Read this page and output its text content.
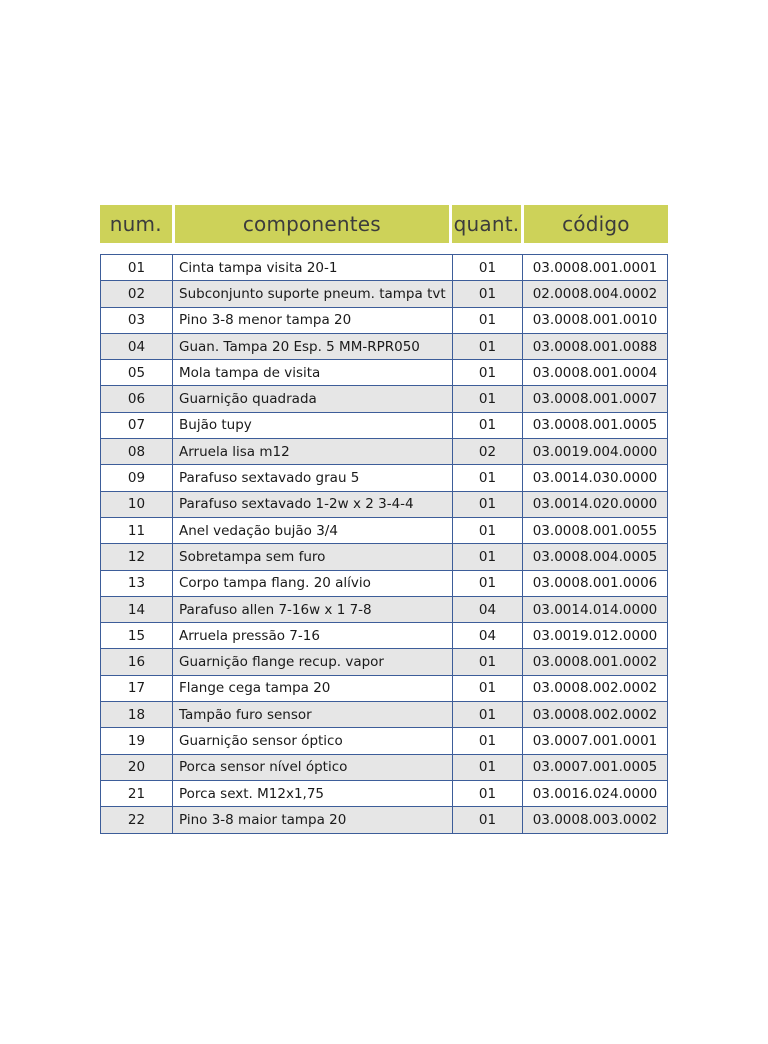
num.	componentes	quant.	código
01	Cinta tampa visita 20-1	01	03.0008.001.0001
02	Subconjunto suporte pneum. tampa tvt	01	02.0008.004.0002
03	Pino 3-8 menor tampa 20	01	03.0008.001.0010
04	Guan. Tampa 20 Esp. 5 MM-RPR050	01	03.0008.001.0088
05	Mola tampa de visita	01	03.0008.001.0004
06	Guarnição quadrada	01	03.0008.001.0007
07	Bujão tupy	01	03.0008.001.0005
08	Arruela lisa m12	02	03.0019.004.0000
09	Parafuso sextavado grau 5	01	03.0014.030.0000
10	Parafuso sextavado 1-2w x 2 3-4-4	01	03.0014.020.0000
11	Anel vedação bujão 3/4	01	03.0008.001.0055
12	Sobretampa sem furo	01	03.0008.004.0005
13	Corpo tampa flang. 20 alívio	01	03.0008.001.0006
14	Parafuso allen 7-16w x 1 7-8	04	03.0014.014.0000
15	Arruela pressão 7-16	04	03.0019.012.0000
16	Guarnição flange recup. vapor	01	03.0008.001.0002
17	Flange cega tampa 20	01	03.0008.002.0002
18	Tampão furo sensor	01	03.0008.002.0002
19	Guarnição sensor óptico	01	03.0007.001.0001
20	Porca sensor nível óptico	01	03.0007.001.0005
21	Porca sext. M12x1,75	01	03.0016.024.0000
22	Pino 3-8 maior tampa 20	01	03.0008.003.0002
